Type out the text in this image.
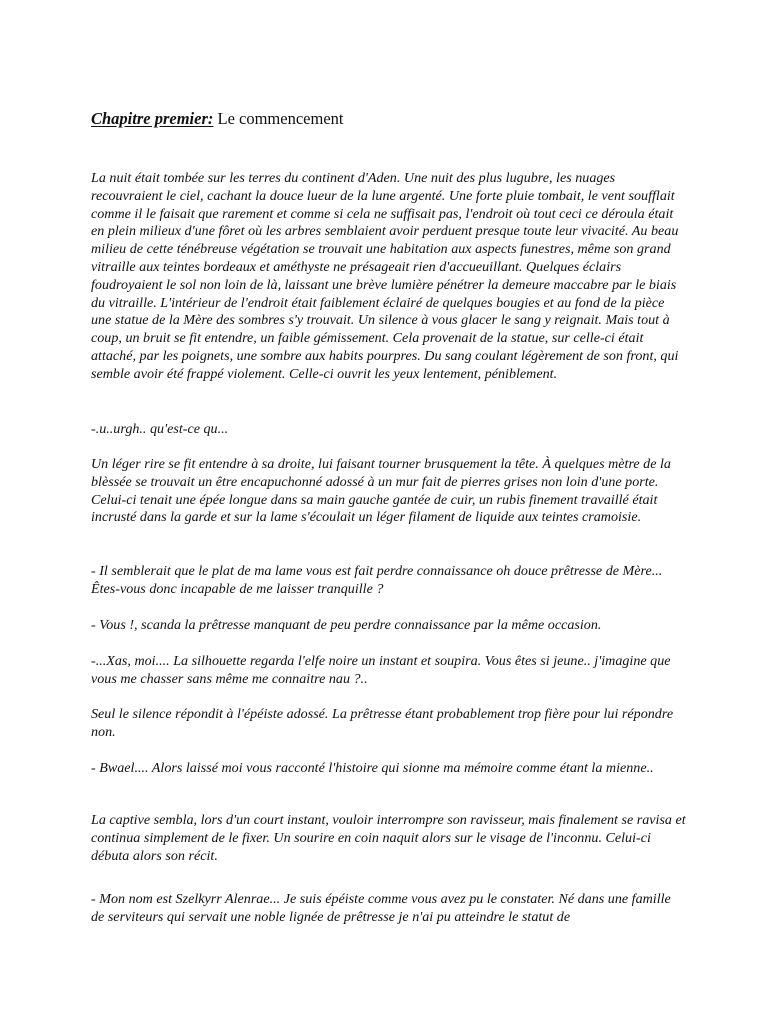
Chapitre premier: Le commencement

La nuit était tombée sur les terres du continent d'Aden. Une nuit des plus lugubre, les nuages recouvraient le ciel, cachant la douce lueur de la lune argenté. Une forte pluie tombait, le vent soufflait comme il le faisait que rarement et comme si cela ne suffisait pas, l'endroit où tout ceci ce déroula était en plein milieux d'une fôret où les arbres semblaient avoir perduent presque toute leur vivacité. Au beau milieu de cette ténébreuse végétation se trouvait une habitation aux aspects funestres, même son grand vitraille aux teintes bordeaux et améthyste ne présageait rien d'accueuillant. Quelques éclairs foudroyaient le sol non loin de là, laissant une brève lumière pénétrer la demeure maccabre par le biais du vitraille. L'intérieur de l'endroit était faiblement éclairé de quelques bougies et au fond de la pièce une statue de la Mère des sombres s'y trouvait. Un silence à vous glacer le sang y reignait. Mais tout à coup, un bruit se fit entendre, un faible gémissement. Cela provenait de la statue, sur celle-ci était attaché, par les poignets, une sombre aux habits pourpres. Du sang coulant légèrement de son front, qui semble avoir été frappé violement. Celle-ci ouvrit les yeux lentement, péniblement.

-.u..urgh.. qu'est-ce qu...

Un léger rire se fit entendre à sa droite, lui faisant tourner brusquement la tête. À quelques mètre de la blèssée se trouvait un être encapuchonné adossé à un mur fait de pierres grises non loin d'une porte. Celui-ci tenait une épée longue dans sa main gauche gantée de cuir, un rubis finement travaillé était incrusté dans la garde et sur la lame s'écoulait un léger filament de liquide aux teintes cramoisie.

- Il semblerait que le plat de ma lame vous est fait perdre connaissance oh douce prêtresse de Mère... Êtes-vous donc incapable de me laisser tranquille ?

- Vous !, scanda la prêtresse manquant de peu perdre connaissance par la même occasion.

-...Xas, moi.... La silhouette regarda l'elfe noire un instant et soupira. Vous êtes si jeune.. j'imagine que vous me chasser sans même me connaitre nau ?..

Seul le silence répondit à l'épéiste adossé. La prêtresse étant probablement trop fière pour lui répondre non.

- Bwael.... Alors laissé moi vous racconté l'histoire qui sionne ma mémoire comme étant la mienne..

La captive sembla, lors d'un court instant, vouloir interrompre son ravisseur, mais finalement se ravisa et continua simplement de le fixer. Un sourire en coin naquit alors sur le visage de l'inconnu. Celui-ci débuta alors son récit.

- Mon nom est Szelkyrr Alenrae... Je suis épéiste comme vous avez pu le constater. Né dans une famille de serviteurs qui servait une noble lignée de prêtresse je n'ai pu atteindre le statut de
